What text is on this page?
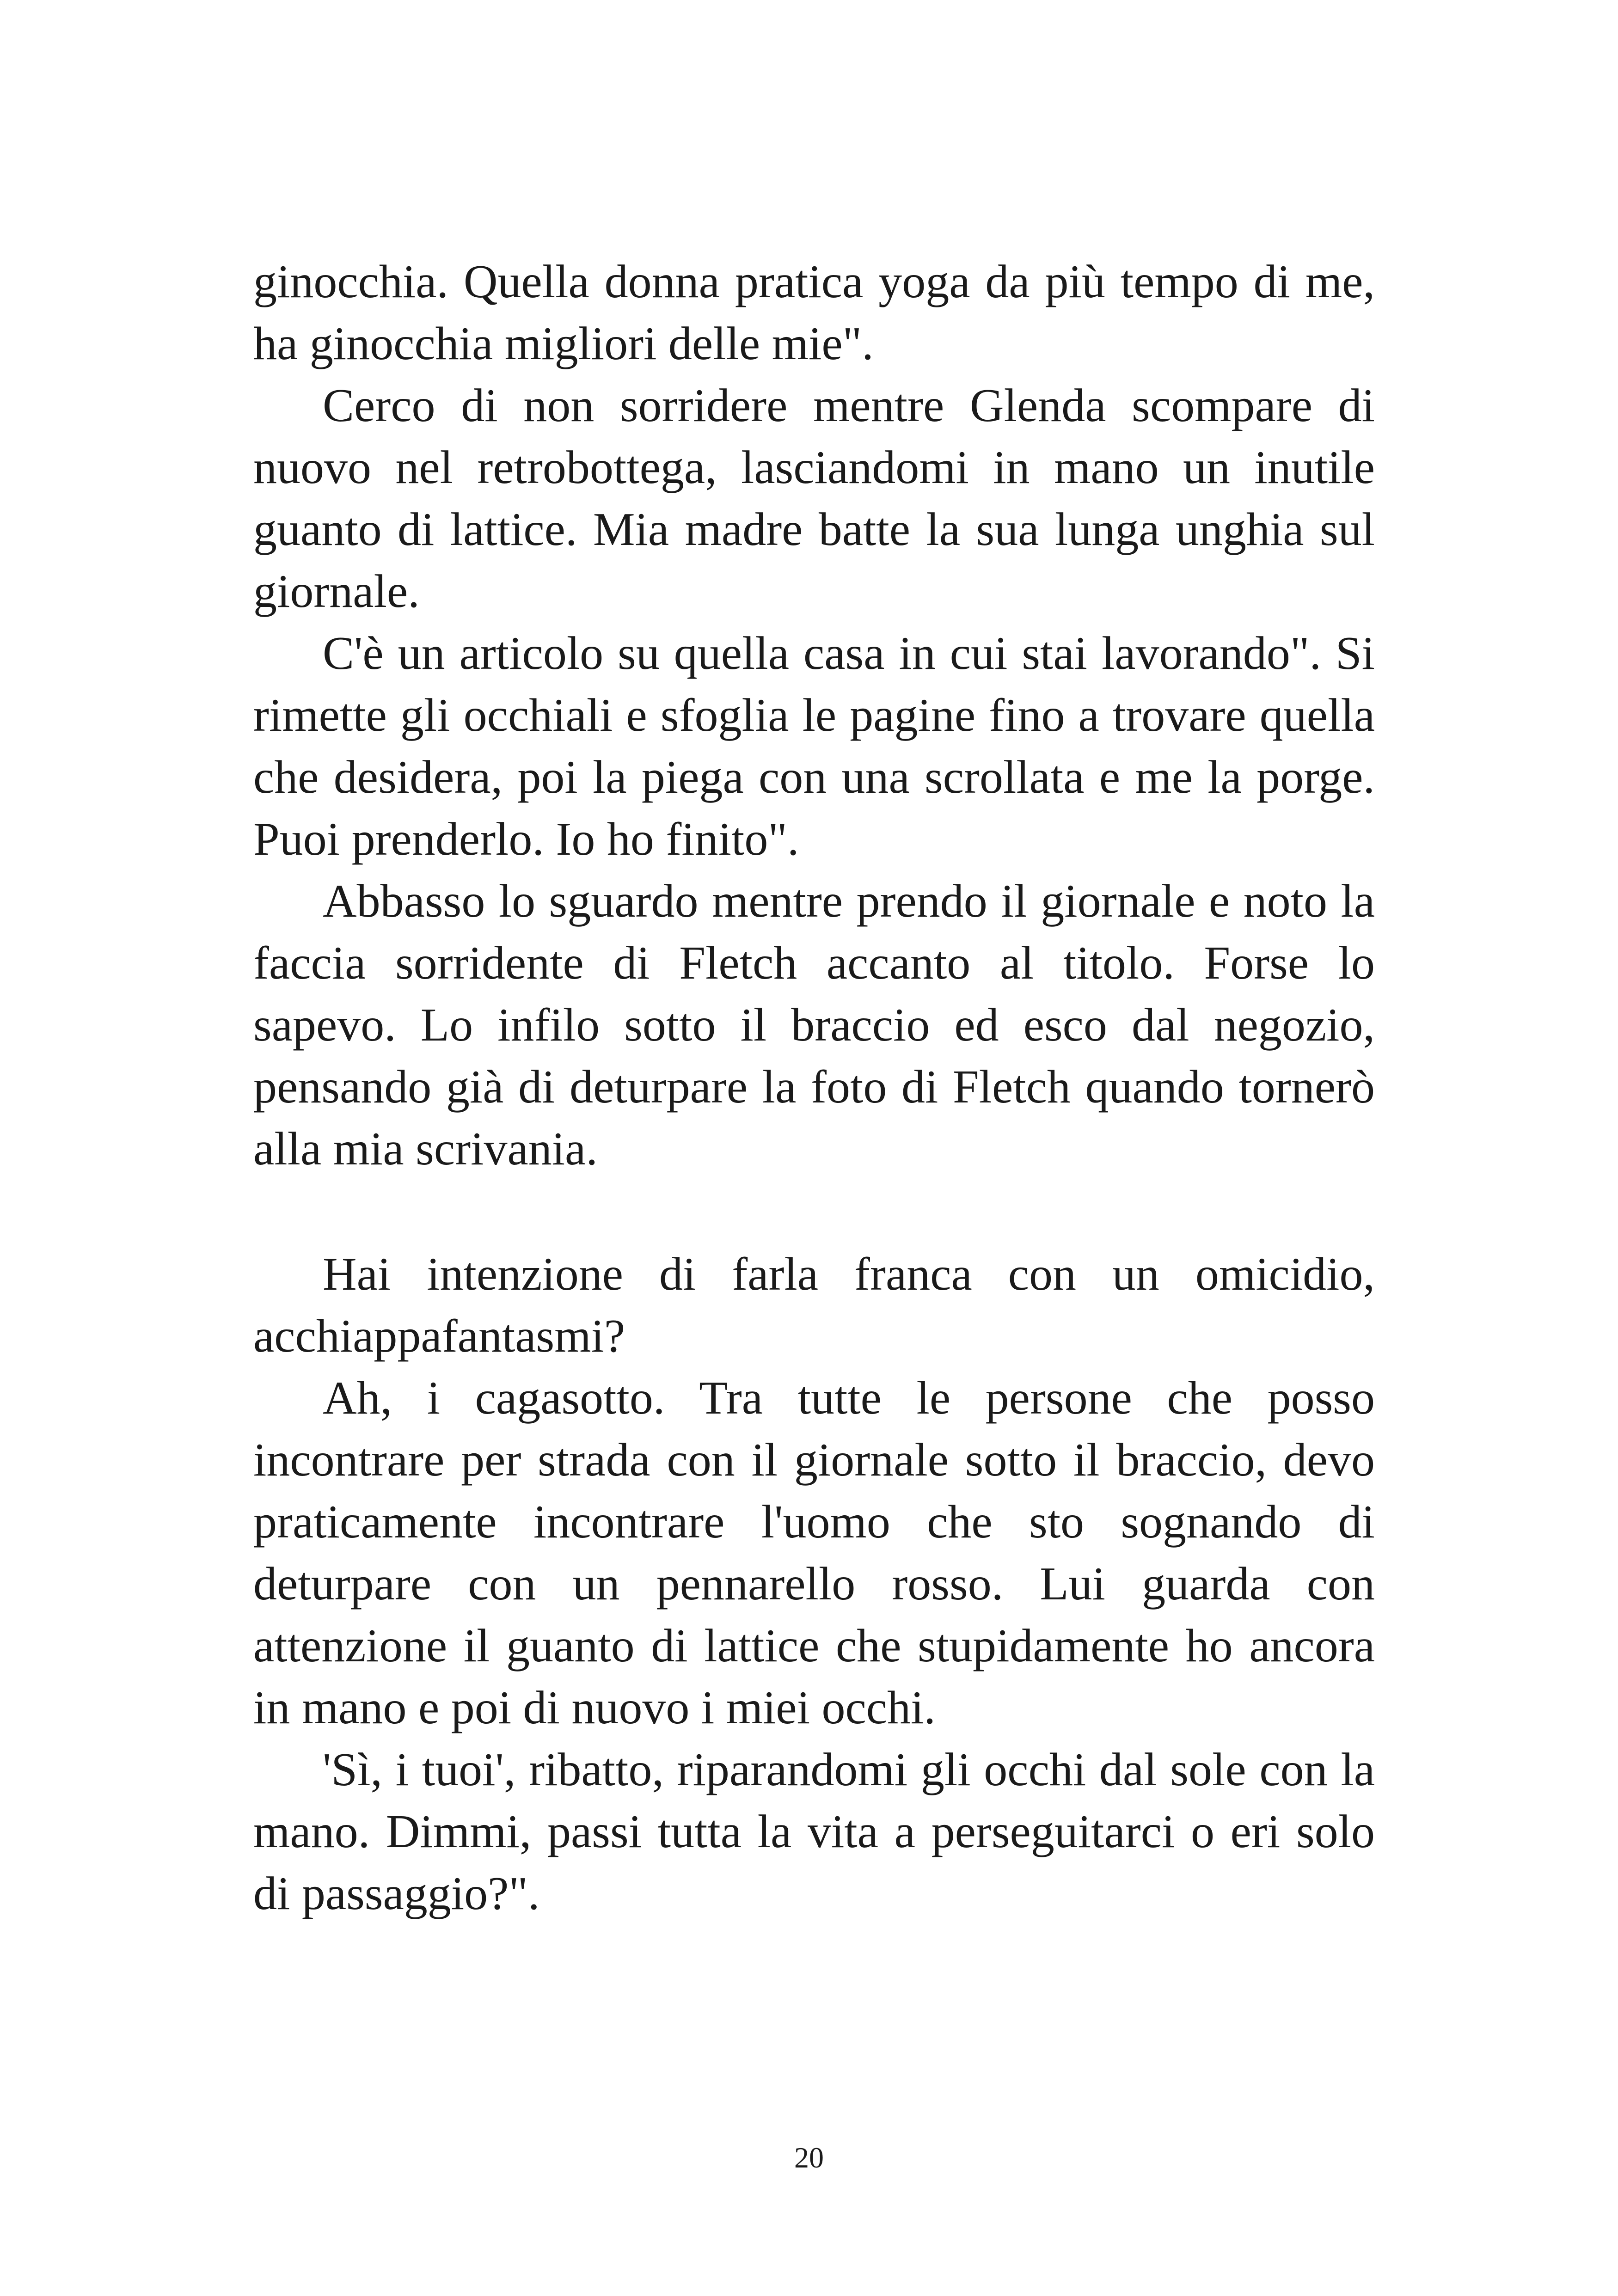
ginocchia. Quella donna pratica yoga da più tempo di me, ha ginocchia migliori delle mie".

Cerco di non sorridere mentre Glenda scompare di nuovo nel retrobottega, lasciandomi in mano un inutile guanto di lattice. Mia madre batte la sua lunga unghia sul giornale.

C'è un articolo su quella casa in cui stai lavorando". Si rimette gli occhiali e sfoglia le pagine fino a trovare quella che desidera, poi la piega con una scrollata e me la porge. Puoi prenderlo. Io ho finito".

Abbasso lo sguardo mentre prendo il giornale e noto la faccia sorridente di Fletch accanto al titolo. Forse lo sapevo. Lo infilo sotto il braccio ed esco dal negozio, pensando già di deturpare la foto di Fletch quando tornerò alla mia scrivania.

Hai intenzione di farla franca con un omicidio, acchiappafantasmi?

Ah, i cagasotto. Tra tutte le persone che posso incontrare per strada con il giornale sotto il braccio, devo praticamente incontrare l'uomo che sto sognando di deturpare con un pennarello rosso. Lui guarda con attenzione il guanto di lattice che stupidamente ho ancora in mano e poi di nuovo i miei occhi.

'Sì, i tuoi', ribatto, riparandomi gli occhi dal sole con la mano. Dimmi, passi tutta la vita a perseguitarci o eri solo di passaggio?".

20
